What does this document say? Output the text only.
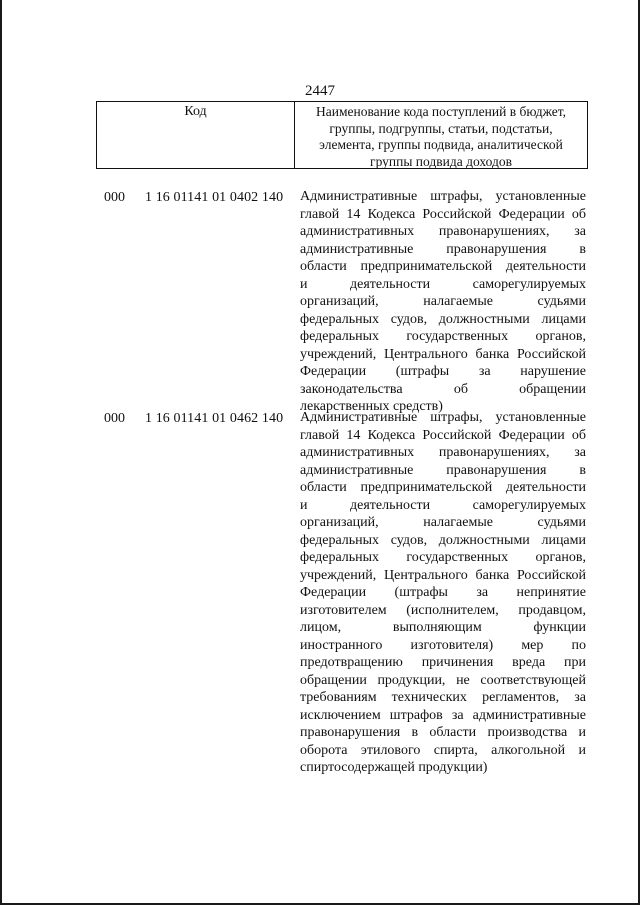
2447
Код	Наименование кода поступлений в бюджет,
группы, подгруппы, статьи, подстатьи,
элемента, группы подвида, аналитической
группы подвида доходов
000 1 16 01141 01 0402 140 Административные штрафы, установленные
главой 14 Кодекса Российской Федерации об
административных правонарушениях, за
административные правонарушения в
области предпринимательской деятельности
и деятельности саморегулируемых
организаций, налагаемые судьями
федеральных судов, должностными лицами
федеральных государственных органов,
учреждений, Центрального банка Российской
Федерации (штрафы за нарушение
законодательства об обращении
лекарственных средств)
000 1 16 01141 01 0462 140 Административные штрафы, установленные
главой 14 Кодекса Российской Федерации об
административных правонарушениях, за
административные правонарушения в
области предпринимательской деятельности
и деятельности саморегулируемых
организаций, налагаемые судьями
федеральных судов, должностными лицами
федеральных государственных органов,
учреждений, Центрального банка Российской
Федерации (штрафы за непринятие
изготовителем (исполнителем, продавцом,
лицом, выполняющим функции
иностранного изготовителя) мер по
предотвращению причинения вреда при
обращении продукции, не соответствующей
требованиям технических регламентов, за
исключением штрафов за административные
правонарушения в области производства и
оборота этилового спирта, алкогольной и
спиртосодержащей продукции)
